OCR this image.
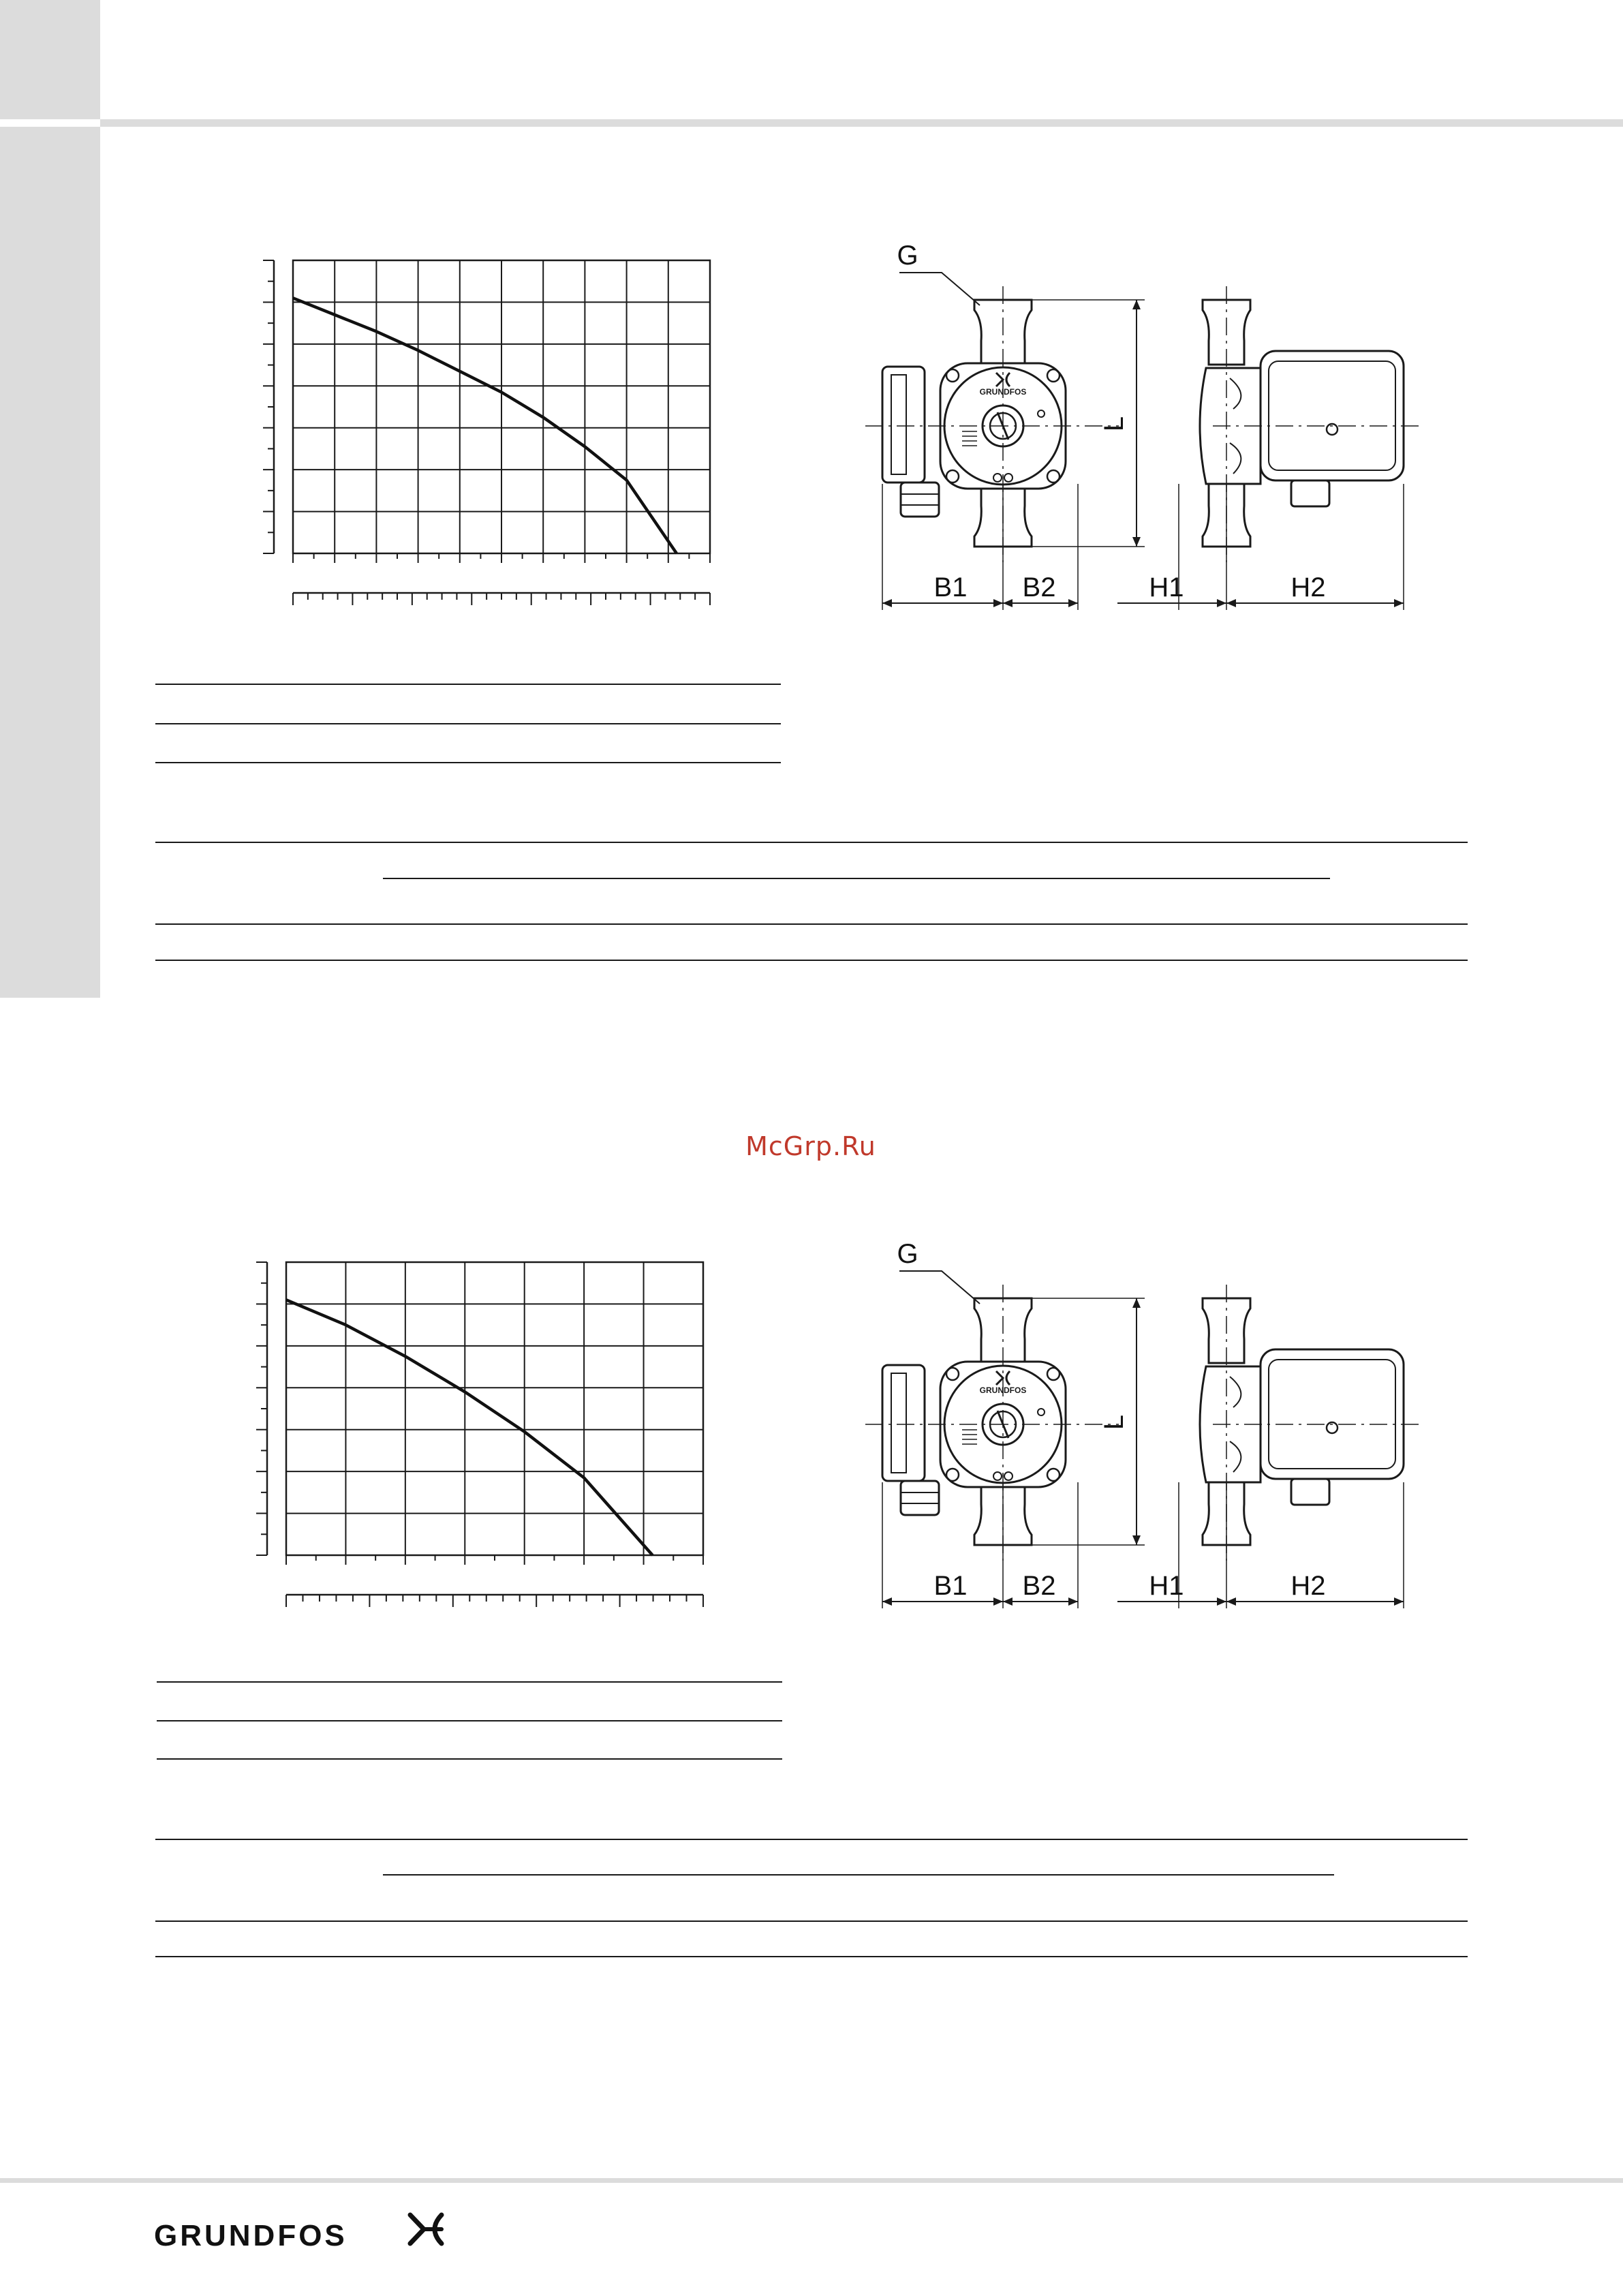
GRUNDFOS
G
L
B1 B2	H1	H2
McGrp.Ru
GRUNDFOS
G
L
B1 B2	H1	H2
GRUNDFOS
